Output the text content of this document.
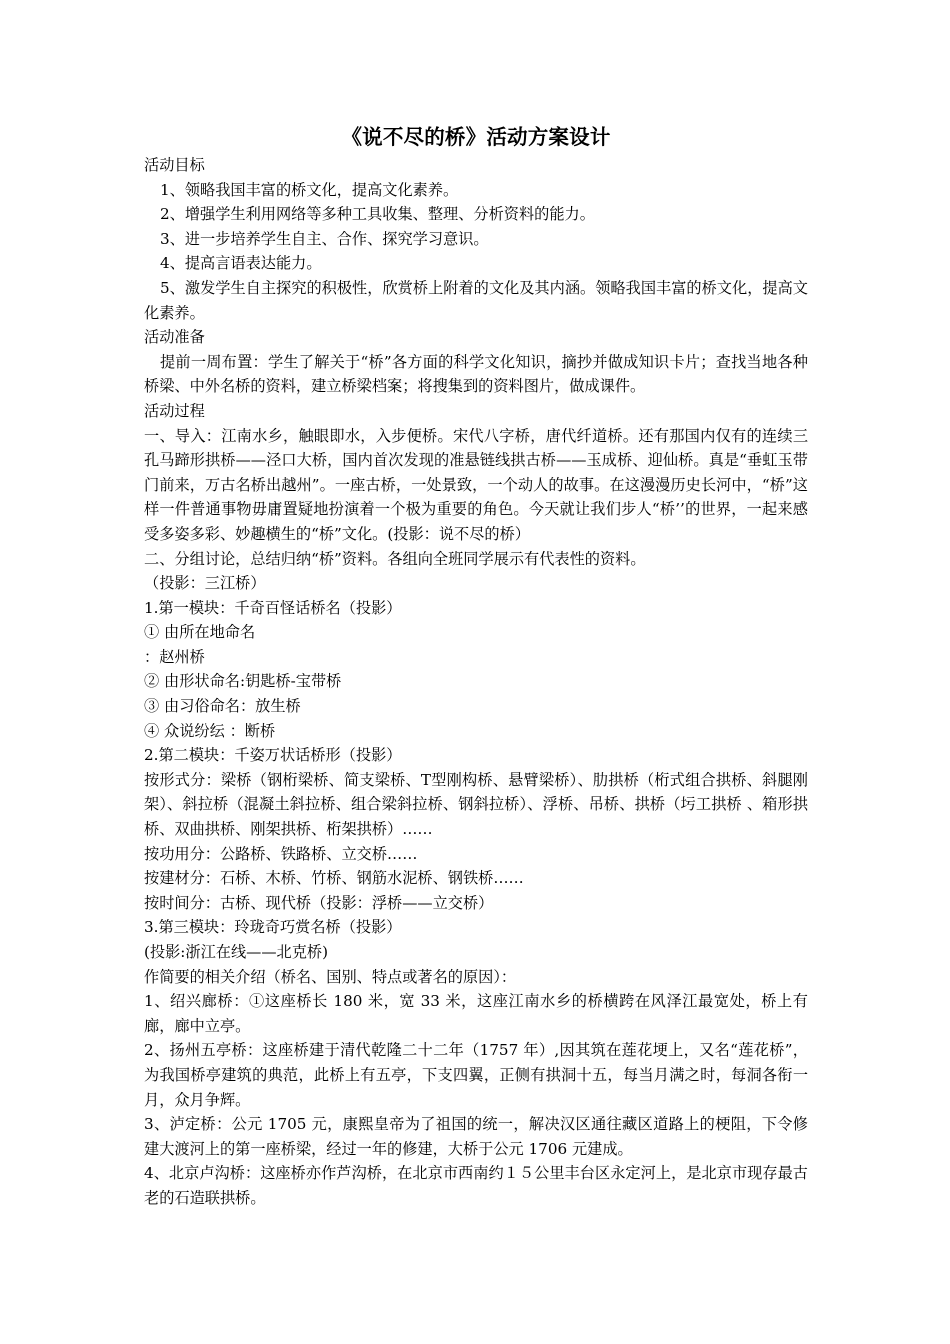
《说不尽的桥》活动方案设计

活动目标

1、领略我国丰富的桥文化，提高文化素养。

2、增强学生利用网络等多种工具收集、整理、分析资料的能力。

3、进一步培养学生自主、合作、探究学习意识。

4、提高言语表达能力。

5、激发学生自主探究的积极性，欣赏桥上附着的文化及其内涵。领略我国丰富的桥文化，提高文化素养。

活动准备

提前一周布置：学生了解关于“桥”各方面的科学文化知识，摘抄并做成知识卡片；查找当地各种桥梁、中外名桥的资料，建立桥梁档案；将搜集到的资料图片，做成课件。

活动过程

一、导入：江南水乡，触眼即水，入步便桥。宋代八字桥，唐代纤道桥。还有那国内仅有的连续三孔马蹄形拱桥——泾口大桥，国内首次发现的准悬链线拱古桥——玉成桥、迎仙桥。真是“垂虹玉带门前来，万古名桥出越州”。一座古桥，一处景致，一个动人的故事。在这漫漫历史长河中，“桥”这样一件普通事物毋庸置疑地扮演着一个极为重要的角色。今天就让我们步人“桥’’的世界，一起来感受多姿多彩、妙趣横生的“桥”文化。(投影：说不尽的桥）

二、分组讨论，总结归纳“桥”资料。各组向全班同学展示有代表性的资料。

（投影：三江桥）

1.第一模块：千奇百怪话桥名（投影）

① 由所在地命名

：赵州桥

② 由形状命名:钥匙桥-宝带桥

③ 由习俗命名：放生桥

④ 众说纷纭 ：断桥

2.第二模块：千姿万状话桥形（投影）

按形式分：梁桥（钢桁梁桥、简支梁桥、T型刚构桥、悬臂梁桥）、肋拱桥（桁式组合拱桥、斜腿刚架）、斜拉桥（混凝土斜拉桥、组合梁斜拉桥、钢斜拉桥）、浮桥、吊桥、拱桥（圬工拱桥 、箱形拱桥、双曲拱桥、刚架拱桥、桁架拱桥）……

按功用分：公路桥、铁路桥、立交桥……

按建材分：石桥、木桥、竹桥、钢筋水泥桥、钢铁桥……

按时间分：古桥、现代桥（投影：浮桥——立交桥）

3.第三模块：玲珑奇巧赏名桥（投影）

(投影:浙江在线——北克桥)

作简要的相关介绍（桥名、国别、特点或著名的原因）：

1、绍兴廊桥：①这座桥长 180 米，宽 33 米，这座江南水乡的桥横跨在风泽江最宽处，桥上有廊，廊中立亭。

2、扬州五亭桥：这座桥建于清代乾隆二十二年（1757 年）,因其筑在莲花埂上，又名“莲花桥”，为我国桥亭建筑的典范，此桥上有五亭，下支四翼，正侧有拱洞十五，每当月满之时，每洞各衔一月，众月争辉。

3、泸定桥：公元 1705 元，康熙皇帝为了祖国的统一，解决汉区通往藏区道路上的梗阻，下令修建大渡河上的第一座桥梁，经过一年的修建，大桥于公元 1706 元建成。

4、北京卢沟桥：这座桥亦作芦沟桥，在北京市西南约１５公里丰台区永定河上，是北京市现存最古老的石造联拱桥。
